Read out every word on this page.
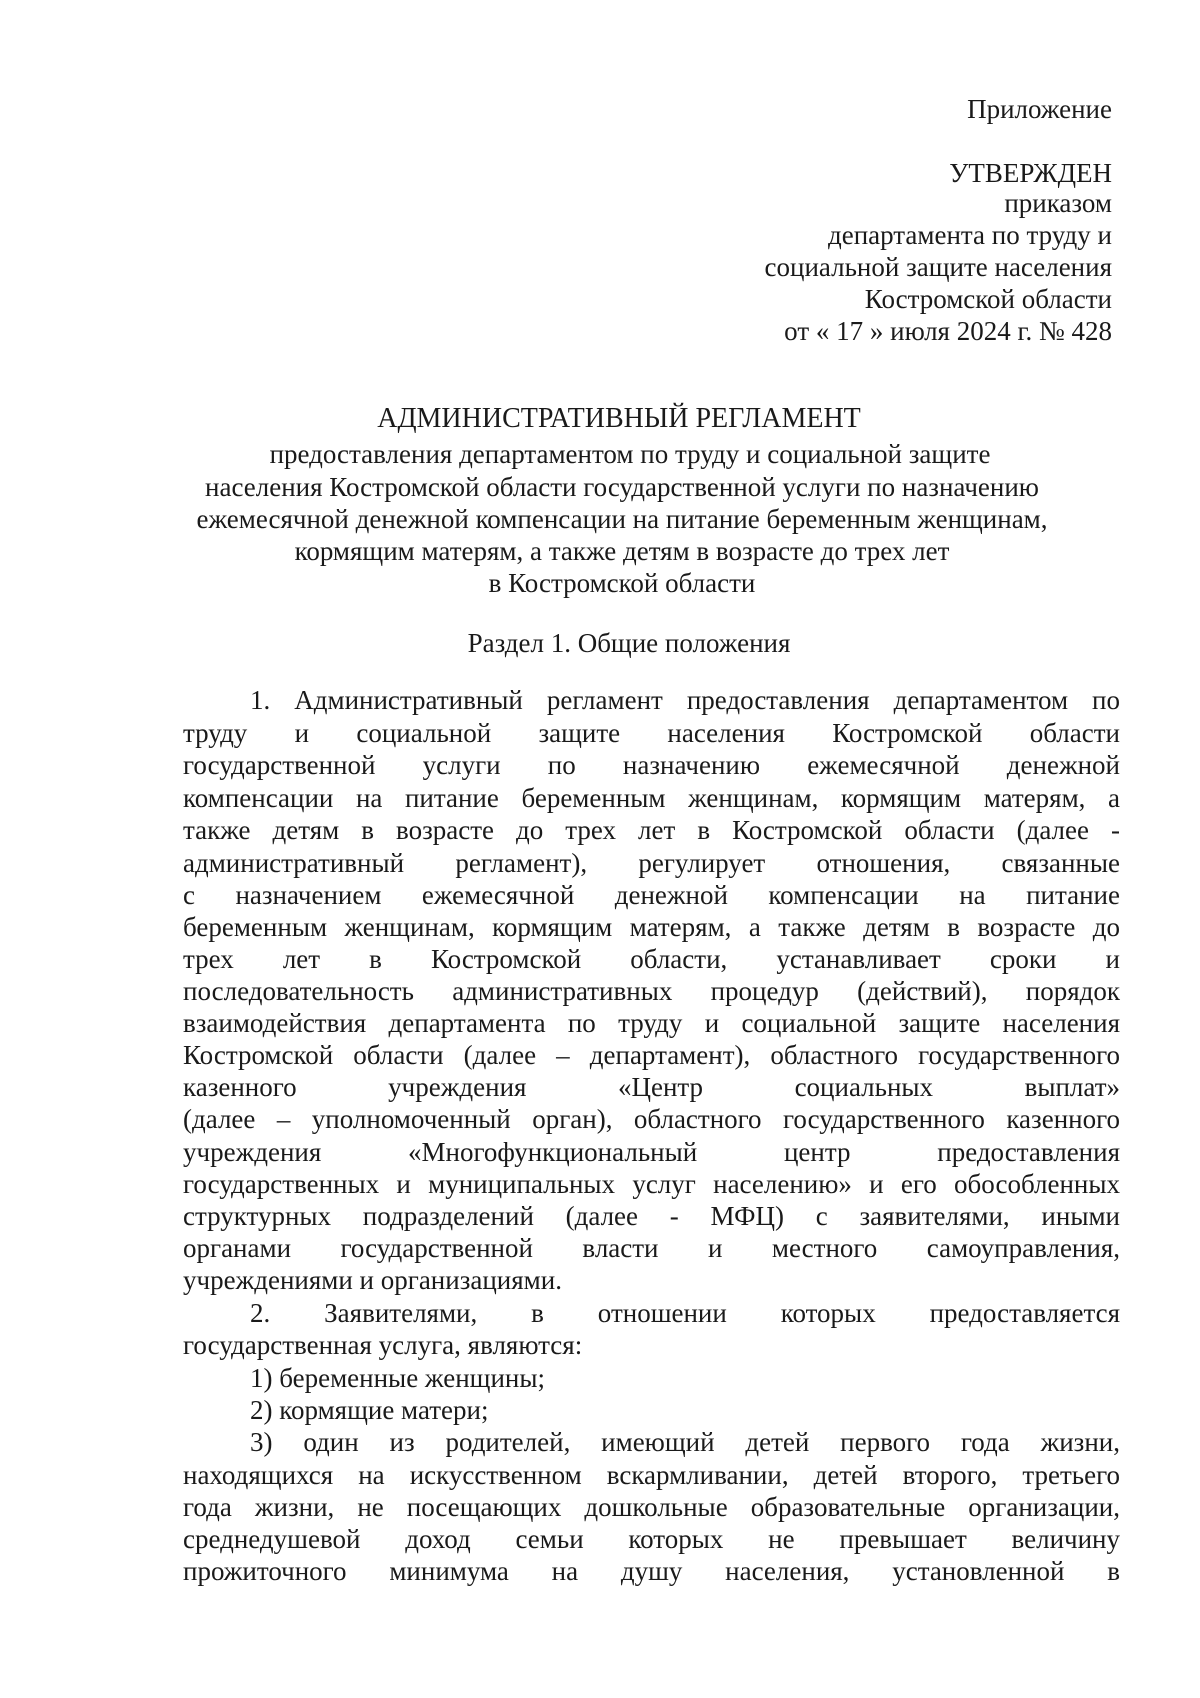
Приложение
УТВЕРЖДЕН
приказом
департамента по труду и
социальной защите населения
Костромской области
от « 17 » июля 2024 г. № 428
АДМИНИСТРАТИВНЫЙ РЕГЛАМЕНТ
предоставления департаментом по труду и социальной защите
населения Костромской области государственной услуги по назначению
ежемесячной денежной компенсации на питание беременным женщинам,
кормящим матерям, а также детям в возрасте до трех лет
в Костромской области
Раздел 1. Общие положения
1. Административный регламент предоставления департаментом по
труду и социальной защите населения Костромской области
государственной услуги по назначению ежемесячной денежной
компенсации на питание беременным женщинам, кормящим матерям, а
также детям в возрасте до трех лет в Костромской области (далее -
административный регламент), регулирует отношения, связанные
с назначением ежемесячной денежной компенсации на питание
беременным женщинам, кормящим матерям, а также детям в возрасте до
трех лет в Костромской области, устанавливает сроки и
последовательность административных процедур (действий), порядок
взаимодействия департамента по труду и социальной защите населения
Костромской области (далее – департамент), областного государственного
казенного учреждения «Центр социальных выплат»
(далее – уполномоченный орган), областного государственного казенного
учреждения «Многофункциональный центр предоставления
государственных и муниципальных услуг населению» и его обособленных
структурных подразделений (далее - МФЦ) с заявителями, иными
органами государственной власти и местного самоуправления,
учреждениями и организациями.
2. Заявителями, в отношении которых предоставляется
государственная услуга, являются:
1) беременные женщины;
2) кормящие матери;
3) один из родителей, имеющий детей первого года жизни,
находящихся на искусственном вскармливании, детей второго, третьего
года жизни, не посещающих дошкольные образовательные организации,
среднедушевой доход семьи которых не превышает величину
прожиточного минимума на душу населения, установленной в
